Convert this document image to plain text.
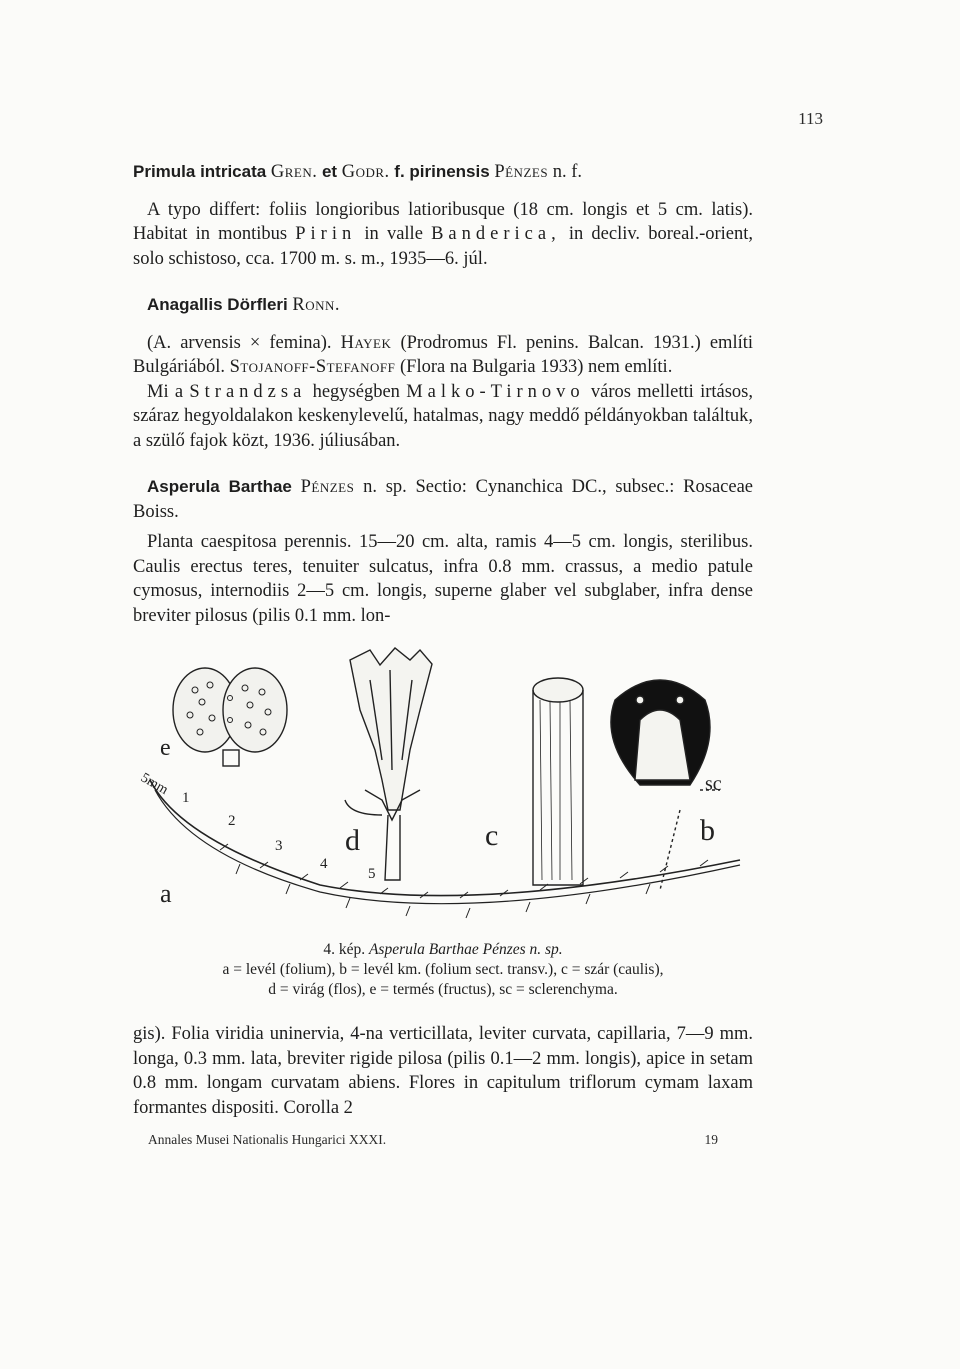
113

Primula intricata Gren. et Godr. f. pirinensis Pénzes n. f.

A typo differt: foliis longioribus latioribusque (18 cm. longis et 5 cm. latis). Habitat in montibus Pirin in valle Banderica, in decliv. boreal.-orient, solo schistoso, cca. 1700 m. s. m., 1935—6. júl.

Anagallis Dörfleri Ronn.

(A. arvensis × femina). Hayek (Prodromus Fl. penins. Balcan. 1931.) említi Bulgáriából. Stojanoff-Stefanoff (Flora na Bulgaria 1933) nem említi.

Mi a Strandzsa hegységben Malko-Tirnovo város melletti irtásos, száraz hegyoldalakon keskenylevelű, hatalmas, nagy meddő példányokban találtuk, a szülő fajok közt, 1936. júliusában.

Asperula Barthae Pénzes n. sp. Sectio: Cynanchica DC., subsec.: Rosaceae Boiss.

Planta caespitosa perennis. 15—20 cm. alta, ramis 4—5 cm. longis, sterilibus. Caulis erectus teres, tenuiter sulcatus, infra 0.8 mm. crassus, a medio patule cymosus, internodiis 2—5 cm. longis, superne glaber vel subglaber, infra dense breviter pilosus (pilis 0.1 mm. lon-

e
d	c	b
a
sc
5mm
1
2
3
4
5
4. kép. Asperula Barthae Pénzes n. sp.
a = levél (folium), b = levél km. (folium sect. transv.), c = szár (caulis),
d = virág (flos), e = termés (fructus), sc = sclerenchyma.

gis). Folia viridia uninervia, 4-na verticillata, leviter curvata, capillaria, 7—9 mm. longa, 0.3 mm. lata, breviter rigide pilosa (pilis 0.1—2 mm. longis), apice in setam 0.8 mm. longam curvatam abiens. Flores in capitulum triflorum cymam laxam formantes dispositi. Corolla 2

Annales Musei Nationalis Hungarici XXXI.	19
